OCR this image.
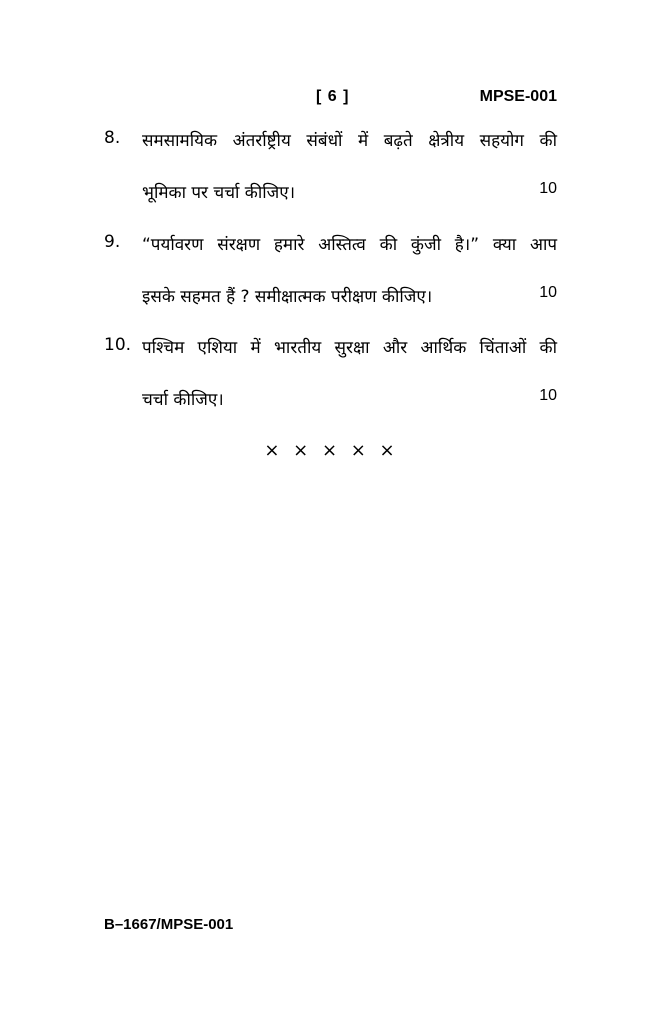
[ 6 ]	MPSE-001
8. समसामयिक अंतर्राष्ट्रीय संबंधों में बढ़ते क्षेत्रीय सहयोग की
भूमिका पर चर्चा कीजिए।	10
9. “पर्यावरण संरक्षण हमारे अस्तित्व की कुंजी है।” क्या आप
इसके सहमत हैं ? समीक्षात्मक परीक्षण कीजिए।	10
10. पश्चिम एशिया में भारतीय सुरक्षा और आर्थिक चिंताओं की
चर्चा कीजिए।	10
× × × × ×
B–1667/MPSE-001
